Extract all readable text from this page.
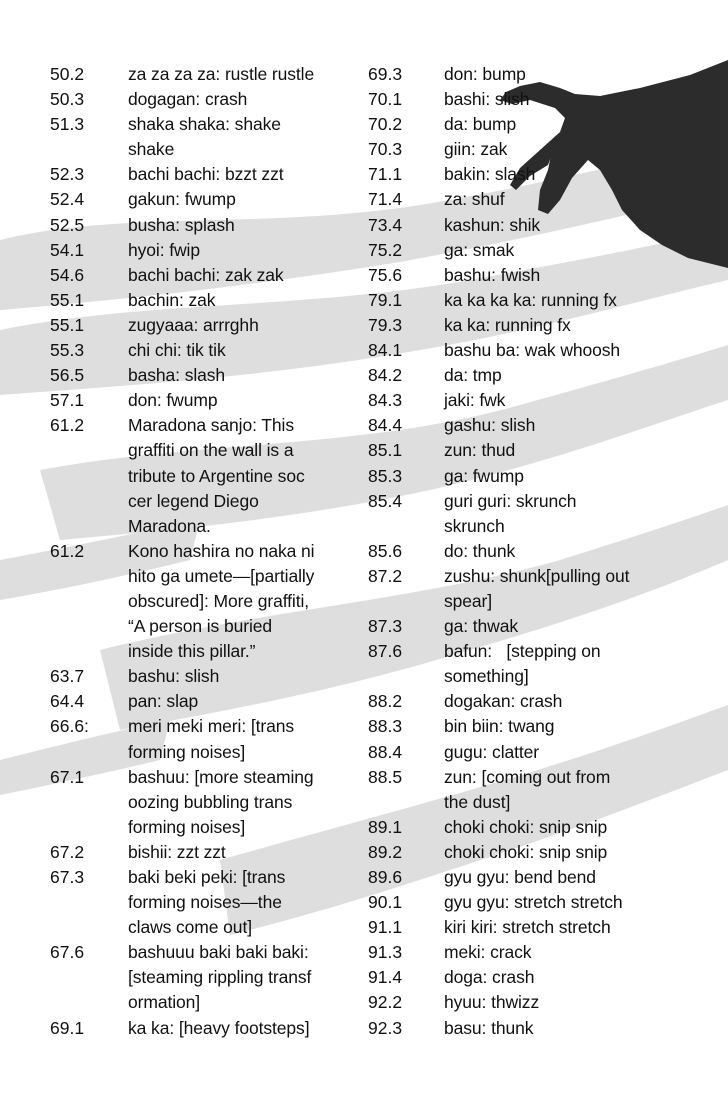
50.2	za za za za: rustle rustle
50.3	dogagan: crash
51.3	shaka shaka: shake
shake
52.3	bachi bachi: bzzt zzt
52.4	gakun: fwump
52.5	busha: splash
54.1	hyoi: fwip
54.6	bachi bachi: zak zak
55.1	bachin: zak
55.1	zugyaaa: arrrghh
55.3	chi chi: tik tik
56.5	basha: slash
57.1	don: fwump
61.2	Maradona sanjo: This
graffiti on the wall is a
tribute to Argentine soc
cer legend Diego
Maradona.
61.2	Kono hashira no naka ni
hito ga umete—[partially
obscured]: More graffiti,
“A person is buried
inside this pillar.”
63.7	bashu: slish
64.4	pan: slap
66.6:	meri meki meri: [trans
forming noises]
67.1	bashuu: [more steaming
oozing bubbling trans
forming noises]
67.2	bishii: zzt zzt
67.3	baki beki peki: [trans
forming noises—the
claws come out]
67.6	bashuuu baki baki baki:
[steaming rippling transf
ormation]
69.1	ka ka: [heavy footsteps]
69.3	don: bump
70.1	bashi: slish
70.2	da: bump
70.3	giin: zak
71.1	bakin: slash
71.4	za: shuf
73.4	kashun: shik
75.2	ga: smak
75.6	bashu: fwish
79.1	ka ka ka ka: running fx
79.3	ka ka: running fx
84.1	bashu ba: wak whoosh
84.2	da: tmp
84.3	jaki: fwk
84.4	gashu: slish
85.1	zun: thud
85.3	ga: fwump
85.4	guri guri: skrunch
skrunch
85.6	do: thunk
87.2	zushu: shunk[pulling out
spear]
87.3	ga: thwak
87.6	bafun:   [stepping on
something]
88.2	dogakan: crash
88.3	bin biin: twang
88.4	gugu: clatter
88.5	zun: [coming out from
the dust]
89.1	choki choki: snip snip
89.2	choki choki: snip snip
89.6	gyu gyu: bend bend
90.1	gyu gyu: stretch stretch
91.1	kiri kiri: stretch stretch
91.3	meki: crack
91.4	doga: crash
92.2	hyuu: thwizz
92.3	basu: thunk
